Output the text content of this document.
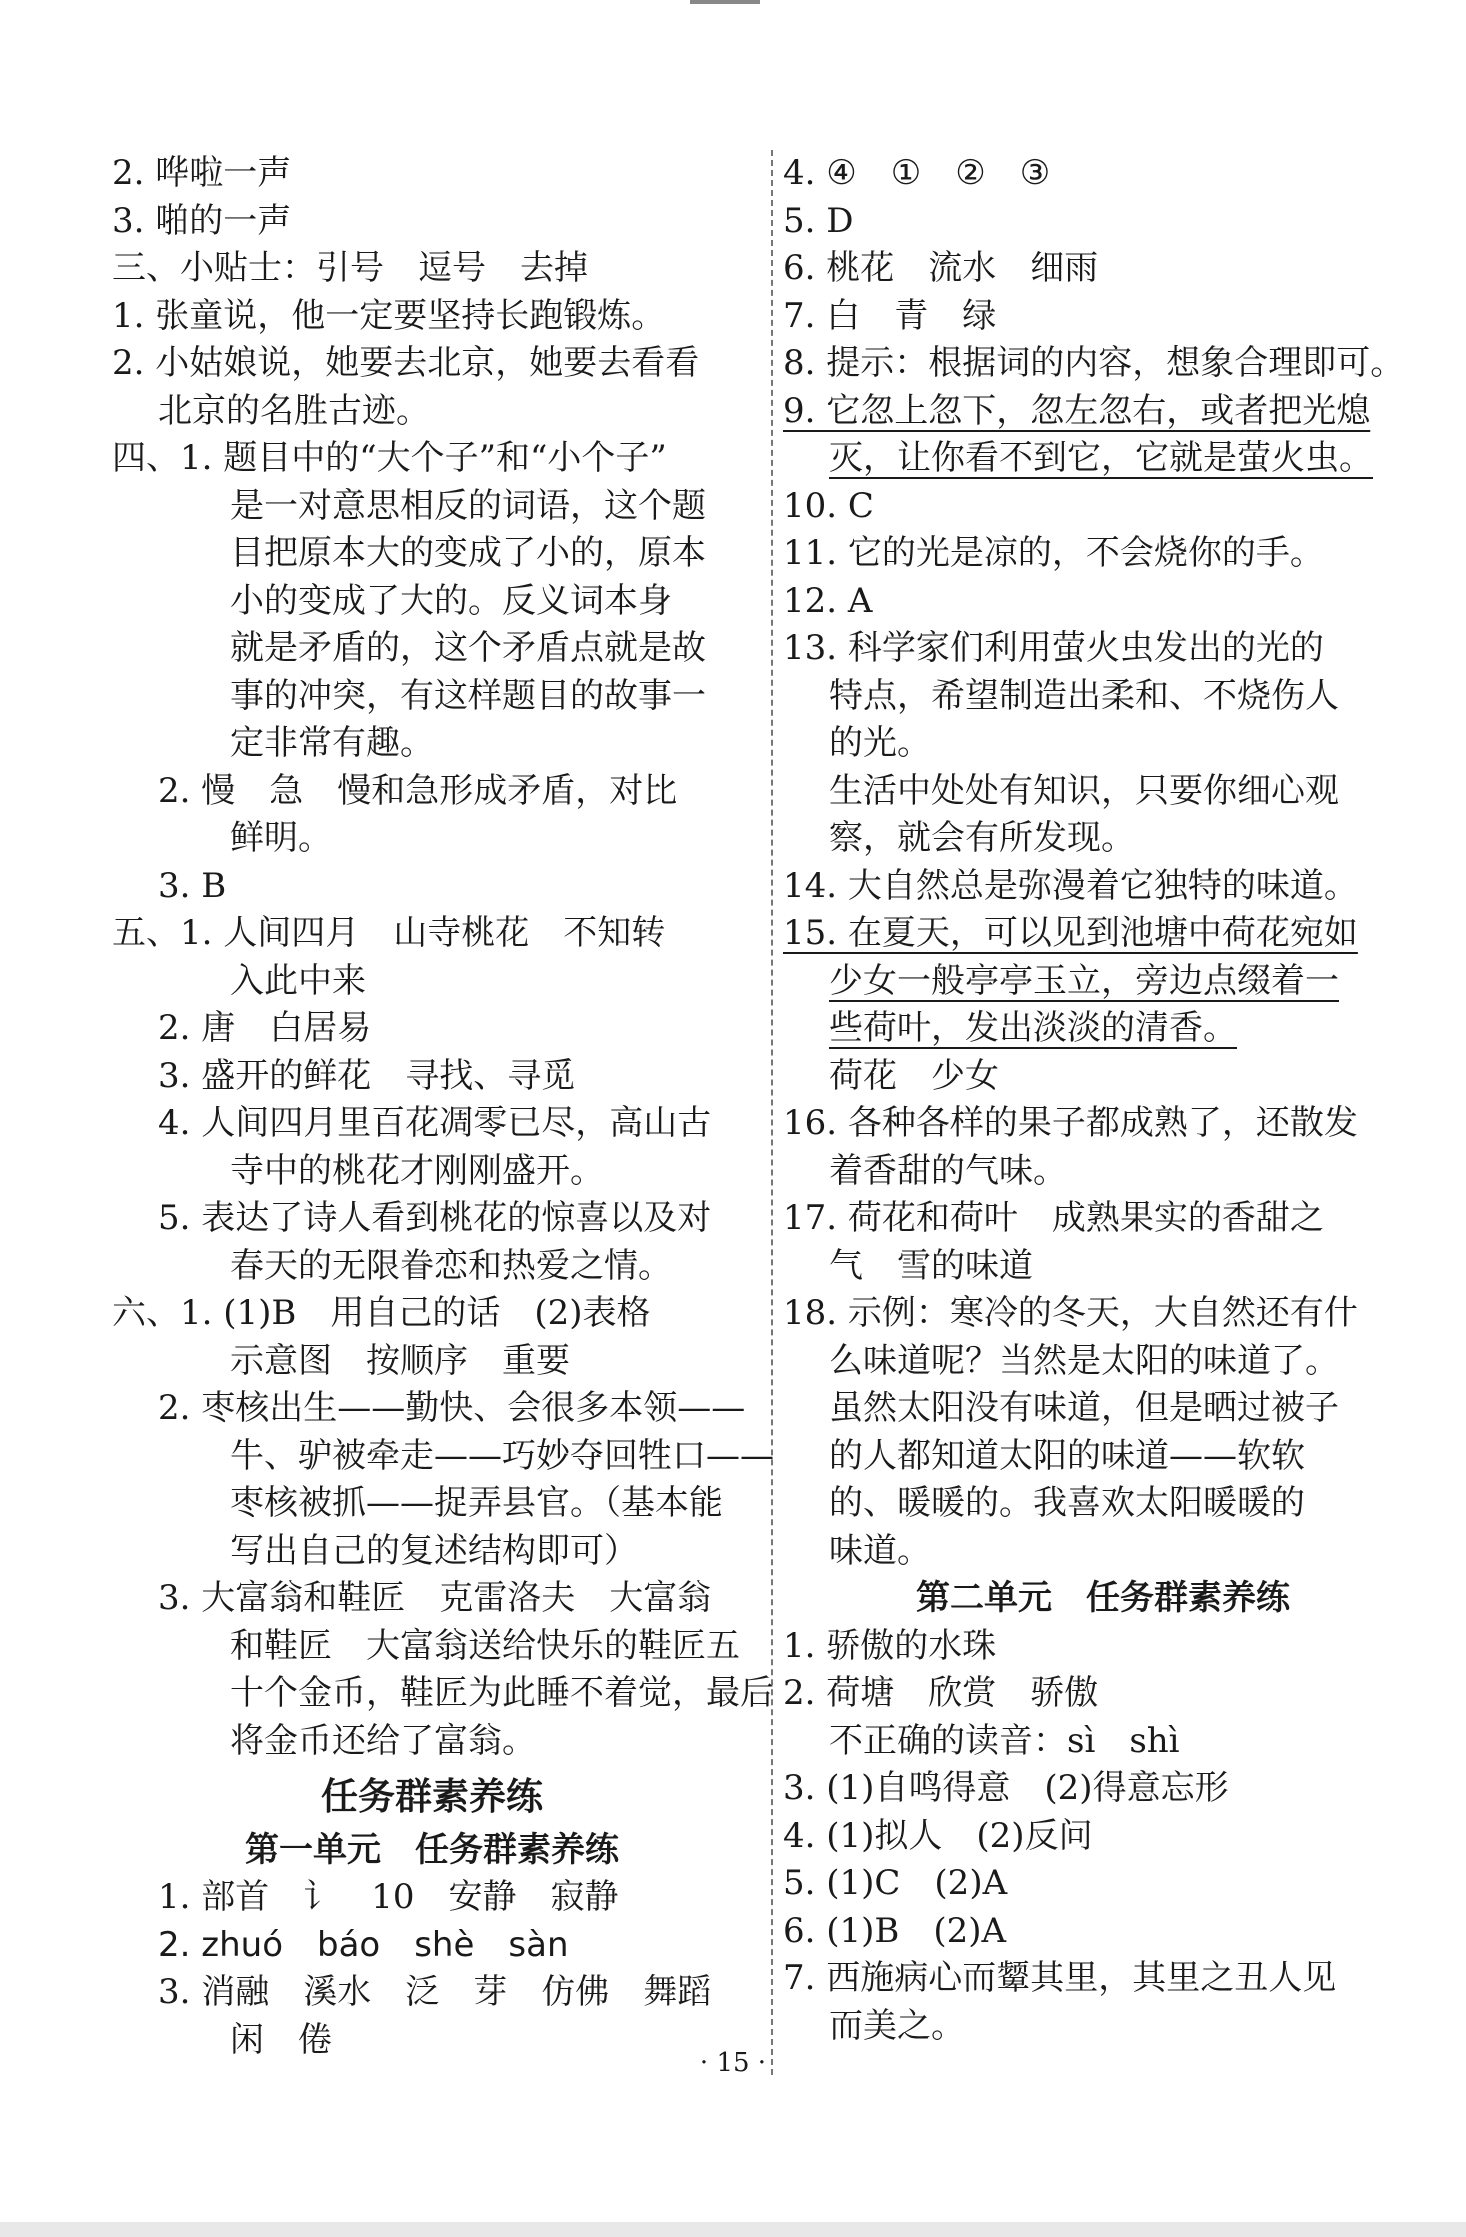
2. 哗啦一声
3. 啪的一声
三、小贴士：引号　逗号　去掉
1. 张童说，他一定要坚持长跑锻炼。
2. 小姑娘说，她要去北京，她要去看看
北京的名胜古迹。
四、1. 题目中的“大个子”和“小个子”
是一对意思相反的词语，这个题
目把原本大的变成了小的，原本
小的变成了大的。反义词本身
就是矛盾的，这个矛盾点就是故
事的冲突，有这样题目的故事一
定非常有趣。
2. 慢　急　慢和急形成矛盾，对比
鲜明。
3. B
五、1. 人间四月　山寺桃花　不知转
入此中来
2. 唐　白居易
3. 盛开的鲜花　寻找、寻觅
4. 人间四月里百花凋零已尽，高山古
寺中的桃花才刚刚盛开。
5. 表达了诗人看到桃花的惊喜以及对
春天的无限眷恋和热爱之情。
六、1. (1)B　用自己的话　(2)表格
示意图　按顺序　重要
2. 枣核出生——勤快、会很多本领——
牛、驴被牵走——巧妙夺回牲口——
枣核被抓——捉弄县官。（基本能
写出自己的复述结构即可）
3. 大富翁和鞋匠　克雷洛夫　大富翁
和鞋匠　大富翁送给快乐的鞋匠五
十个金币，鞋匠为此睡不着觉，最后
将金币还给了富翁。
任务群素养练
第一单元　任务群素养练
1. 部首　讠　10　安静　寂静
2. zhuó　báo　shè　sàn
3. 消融　溪水　泛　芽　仿佛　舞蹈
闲　倦
4. ④　①　②　③
5. D
6. 桃花　流水　细雨
7. 白　青　绿
8. 提示：根据词的内容，想象合理即可。
9. 它忽上忽下，忽左忽右，或者把光熄
灭，让你看不到它，它就是萤火虫。
10. C
11. 它的光是凉的，不会烧你的手。
12. A
13. 科学家们利用萤火虫发出的光的
特点，希望制造出柔和、不烧伤人
的光。
生活中处处有知识，只要你细心观
察，就会有所发现。
14. 大自然总是弥漫着它独特的味道。
15. 在夏天，可以见到池塘中荷花宛如
少女一般亭亭玉立，旁边点缀着一
些荷叶，发出淡淡的清香。
荷花　少女
16. 各种各样的果子都成熟了，还散发
着香甜的气味。
17. 荷花和荷叶　成熟果实的香甜之
气　雪的味道
18. 示例：寒冷的冬天，大自然还有什
么味道呢？当然是太阳的味道了。
虽然太阳没有味道，但是晒过被子
的人都知道太阳的味道——软软
的、暖暖的。我喜欢太阳暖暖的
味道。
第二单元　任务群素养练
1. 骄傲的水珠
2. 荷塘　欣赏　骄傲
不正确的读音：sì　shì
3. (1)自鸣得意　(2)得意忘形
4. (1)拟人　(2)反问
5. (1)C　(2)A
6. (1)B　(2)A
7. 西施病心而颦其里，其里之丑人见
而美之。
· 15 ·
